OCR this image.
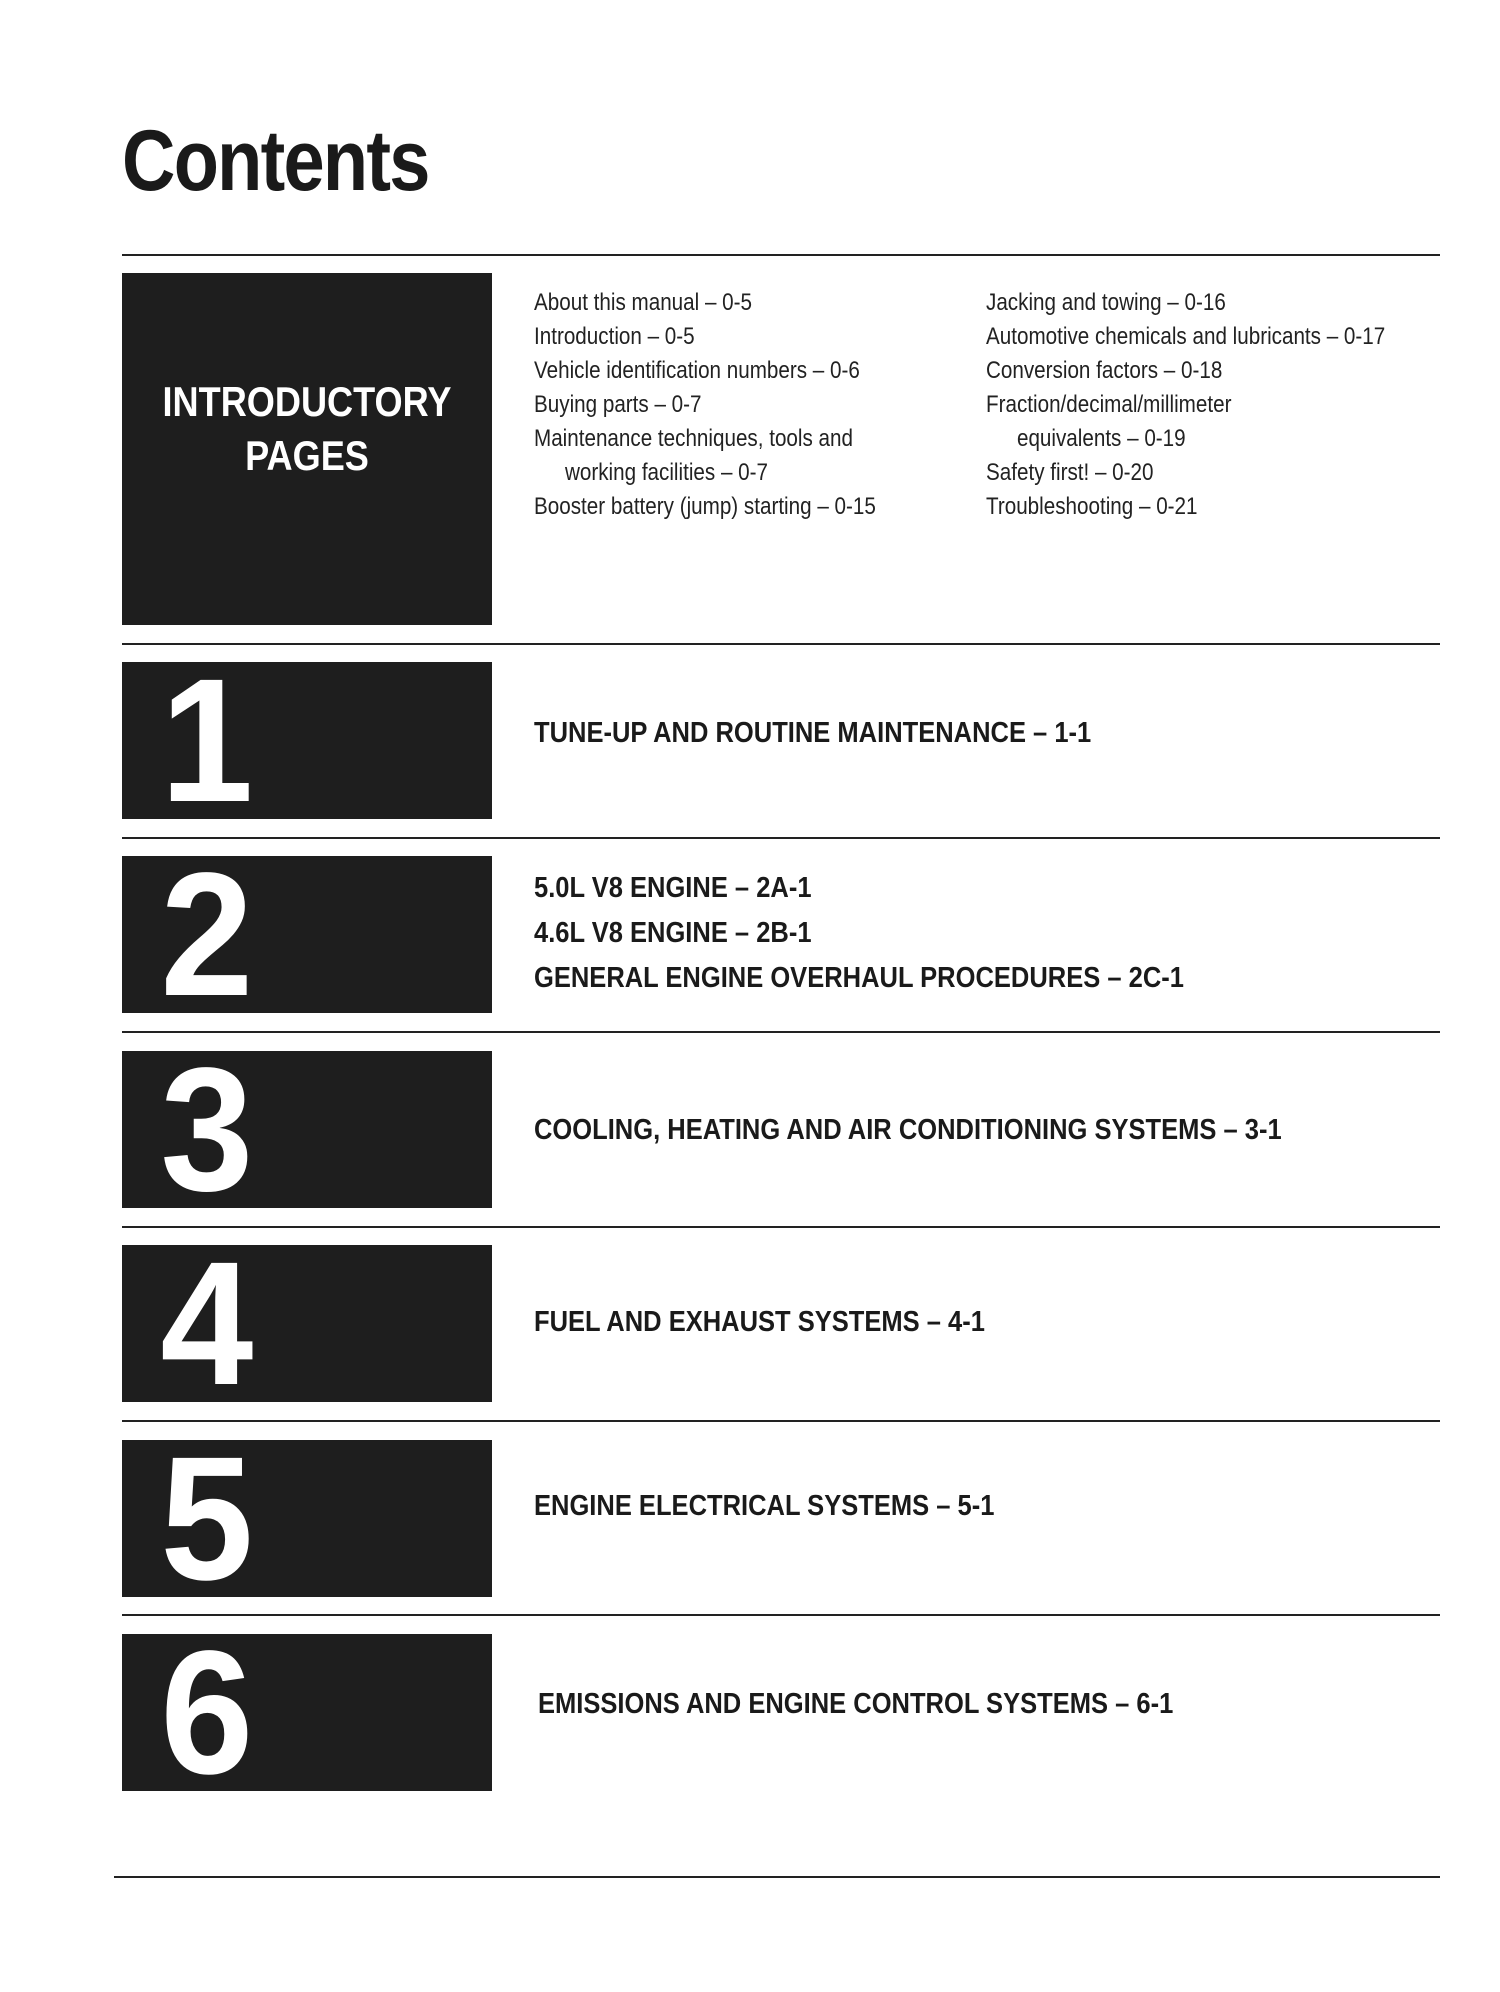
Contents
INTRODUCTORY
PAGES
About this manual – 0-5
Introduction – 0-5
Vehicle identification numbers – 0-6
Buying parts – 0-7
Maintenance techniques, tools and
working facilities – 0-7
Booster battery (jump) starting – 0-15
Jacking and towing – 0-16
Automotive chemicals and lubricants – 0-17
Conversion factors – 0-18
Fraction/decimal/millimeter
equivalents – 0-19
Safety first! – 0-20
Troubleshooting – 0-21
1	TUNE-UP AND ROUTINE MAINTENANCE – 1-1
2	5.0L V8 ENGINE – 2A-1
4.6L V8 ENGINE – 2B-1
GENERAL ENGINE OVERHAUL PROCEDURES – 2C-1
3	COOLING, HEATING AND AIR CONDITIONING SYSTEMS – 3-1
4	FUEL AND EXHAUST SYSTEMS – 4-1
5	ENGINE ELECTRICAL SYSTEMS – 5-1
6	EMISSIONS AND ENGINE CONTROL SYSTEMS – 6-1
